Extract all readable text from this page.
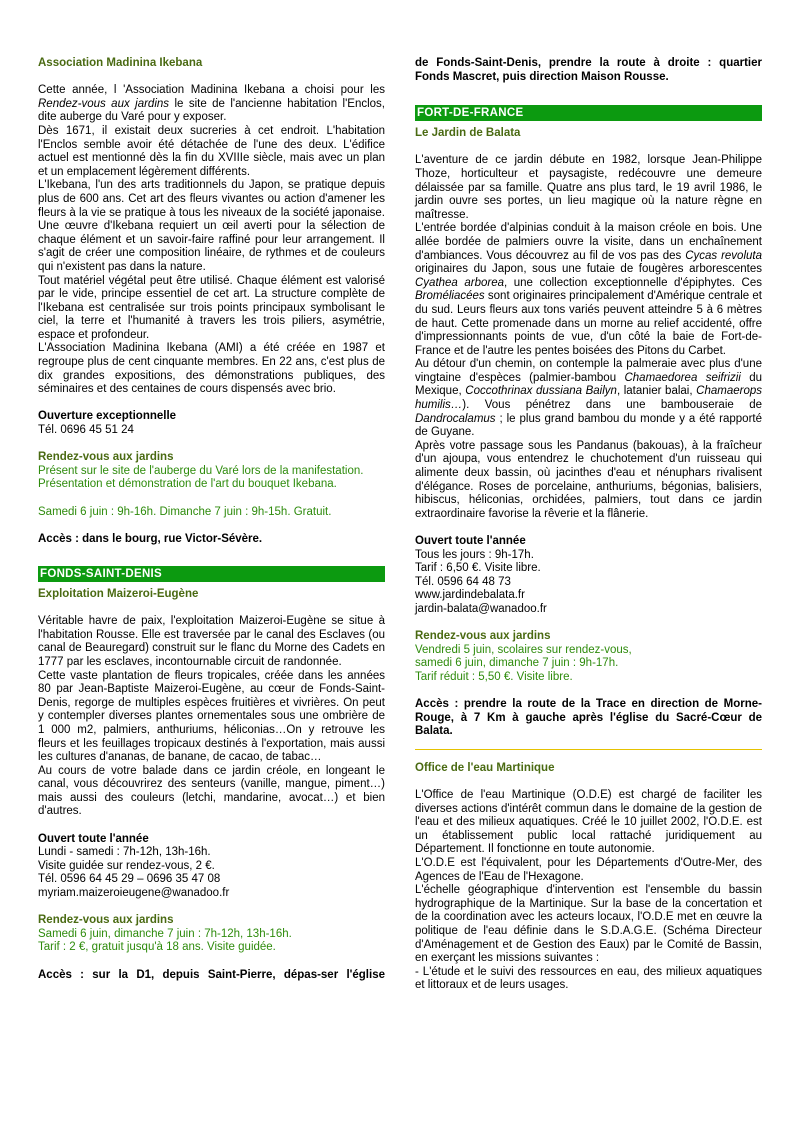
Association Madinina Ikebana

Cette année, l 'Association Madinina Ikebana a choisi pour les Rendez-vous aux jardins le site de l'ancienne habitation l'Enclos, dite auberge du Varé pour y exposer.

Dès 1671, il existait deux sucreries à cet endroit. L'habitation l'Enclos semble avoir été détachée de l'une des deux. L'édifice actuel est mentionné dès la fin du XVIIIe siècle, mais avec un plan et un emplacement légèrement différents.

L'Ikebana, l'un des arts traditionnels du Japon, se pratique depuis plus de 600 ans. Cet art des fleurs vivantes ou action d'amener les fleurs à la vie se pratique à tous les niveaux de la société japonaise. Une œuvre d'Ikebana requiert un œil averti pour la sélection de chaque élément et un savoir-faire raffiné pour leur arrangement. Il s'agit de créer une composition linéaire, de rythmes et de couleurs qui n'existent pas dans la nature.

Tout matériel végétal peut être utilisé. Chaque élément est valorisé par le vide, principe essentiel de cet art. La structure complète de l'Ikebana est centralisée sur trois points principaux symbolisant le ciel, la terre et l'humanité à travers les trois piliers, asymétrie, espace et profondeur.

L'Association Madinina Ikebana (AMI) a été créée en 1987 et regroupe plus de cent cinquante membres. En 22 ans, c'est plus de dix grandes expositions, des démonstrations publiques, des séminaires et des centaines de cours dispensés avec brio.

Ouverture exceptionnelle

Tél. 0696 45 51 24

Rendez-vous aux jardins

Présent sur le site de l'auberge du Varé lors de la manifestation.

Présentation et démonstration de l'art du bouquet Ikebana.

Samedi 6 juin : 9h-16h. Dimanche 7 juin : 9h-15h. Gratuit.

Accès : dans le bourg, rue Victor-Sévère.

FONDS-SAINT-DENIS

Exploitation Maizeroi-Eugène

Véritable havre de paix, l'exploitation Maizeroi-Eugène se situe à l'habitation Rousse. Elle est traversée par le canal des Esclaves (ou canal de Beauregard) construit sur le flanc du Morne des Cadets en 1777 par les esclaves, incontournable circuit de randonnée.

Cette vaste plantation de fleurs tropicales, créée dans les années 80 par Jean-Baptiste Maizeroi-Eugène, au cœur de Fonds-Saint-Denis, regorge de multiples espèces fruitières et vivrières. On peut y contempler diverses plantes ornementales sous une ombrière de 1 000 m2, palmiers, anthuriums, héliconias…On y retrouve les fleurs et les feuillages tropicaux destinés à l'exportation, mais aussi les cultures d'ananas, de banane, de cacao, de tabac…

Au cours de votre balade dans ce jardin créole, en longeant le canal, vous découvrirez des senteurs (vanille, mangue, piment…) mais aussi des couleurs (letchi, mandarine, avocat…) et bien d'autres.

Ouvert toute l'année

Lundi - samedi : 7h-12h, 13h-16h.

Visite guidée sur rendez-vous, 2 €.

Tél. 0596 64 45 29 – 0696 35 47 08

myriam.maizeroieugene@wanadoo.fr

Rendez-vous aux jardins

Samedi 6 juin, dimanche 7 juin : 7h-12h, 13h-16h.

Tarif : 2 €, gratuit jusqu'à 18 ans. Visite guidée.

Accès : sur la D1, depuis Saint-Pierre, dépas-ser l'église

de Fonds-Saint-Denis, prendre la route à droite : quartier Fonds Mascret, puis direction Maison Rousse.

FORT-DE-FRANCE

Le Jardin de Balata

L'aventure de ce jardin débute en 1982, lorsque Jean-Philippe Thoze, horticulteur et paysagiste, redécouvre une demeure délaissée par sa famille. Quatre ans plus tard, le 19 avril 1986, le jardin ouvre ses portes, un lieu magique où la nature règne en maîtresse.

L'entrée bordée d'alpinias conduit à la maison créole en bois. Une allée bordée de palmiers ouvre la visite, dans un enchaînement d'ambiances. Vous découvrez au fil de vos pas des Cycas revoluta originaires du Japon, sous une futaie de fougères arborescentes Cyathea arborea, une collection exceptionnelle d'épiphytes. Ces Broméliacées sont originaires principalement d'Amérique centrale et du sud. Leurs fleurs aux tons variés peuvent atteindre 5 à 6 mètres de haut. Cette promenade dans un morne au relief accidenté, offre d'impressionnants points de vue, d'un côté la baie de Fort-de-France et de l'autre les pentes boisées des Pitons du Carbet.

Au détour d'un chemin, on contemple la palmeraie avec plus d'une vingtaine d'espèces (palmier-bambou Chamaedorea seifrizii du Mexique, Coccothrinax dussiana Bailyn, latanier balai, Chamaerops humilis…). Vous pénétrez dans une bambouseraie de Dandrocalamus ; le plus grand bambou du monde y a été rapporté de Guyane.

Après votre passage sous les Pandanus (bakouas), à la fraîcheur d'un ajoupa, vous entendrez le chuchotement d'un ruisseau qui alimente deux bassin, où jacinthes d'eau et nénuphars rivalisent d'élégance. Roses de porcelaine, anthuriums, bégonias, balisiers, hibiscus, héliconias, orchidées, palmiers, tout dans ce jardin extraordinaire favorise la rêverie et la flânerie.

Ouvert toute l'année

Tous les jours : 9h-17h.

Tarif : 6,50 €. Visite libre.

Tél. 0596 64 48 73

www.jardindebalata.fr

jardin-balata@wanadoo.fr

Rendez-vous aux jardins

Vendredi 5 juin, scolaires sur rendez-vous,

samedi 6 juin, dimanche 7 juin : 9h-17h.

Tarif réduit : 5,50 €. Visite libre.

Accès : prendre la route de la Trace en direction de Morne-Rouge, à 7 Km à gauche après l'église du Sacré-Cœur de Balata.

Office de l'eau Martinique

L'Office de l'eau Martinique (O.D.E) est chargé de faciliter les diverses actions d'intérêt commun dans le domaine de la gestion de l'eau et des milieux aquatiques. Créé le 10 juillet 2002, l'O.D.E. est un établissement public local rattaché juridiquement au Département. Il fonctionne en toute autonomie.

L'O.D.E est l'équivalent, pour les Départements d'Outre-Mer, des Agences de l'Eau de l'Hexagone.

L'échelle géographique d'intervention est l'ensemble du bassin hydrographique de la Martinique. Sur la base de la concertation et de la coordination avec les acteurs locaux, l'O.D.E met en œuvre la politique de l'eau définie dans le S.D.A.G.E. (Schéma Directeur d'Aménagement et de Gestion des Eaux) par le Comité de Bassin, en exerçant les missions suivantes :

- L'étude et le suivi des ressources en eau, des milieux aquatiques et littoraux et de leurs usages.
